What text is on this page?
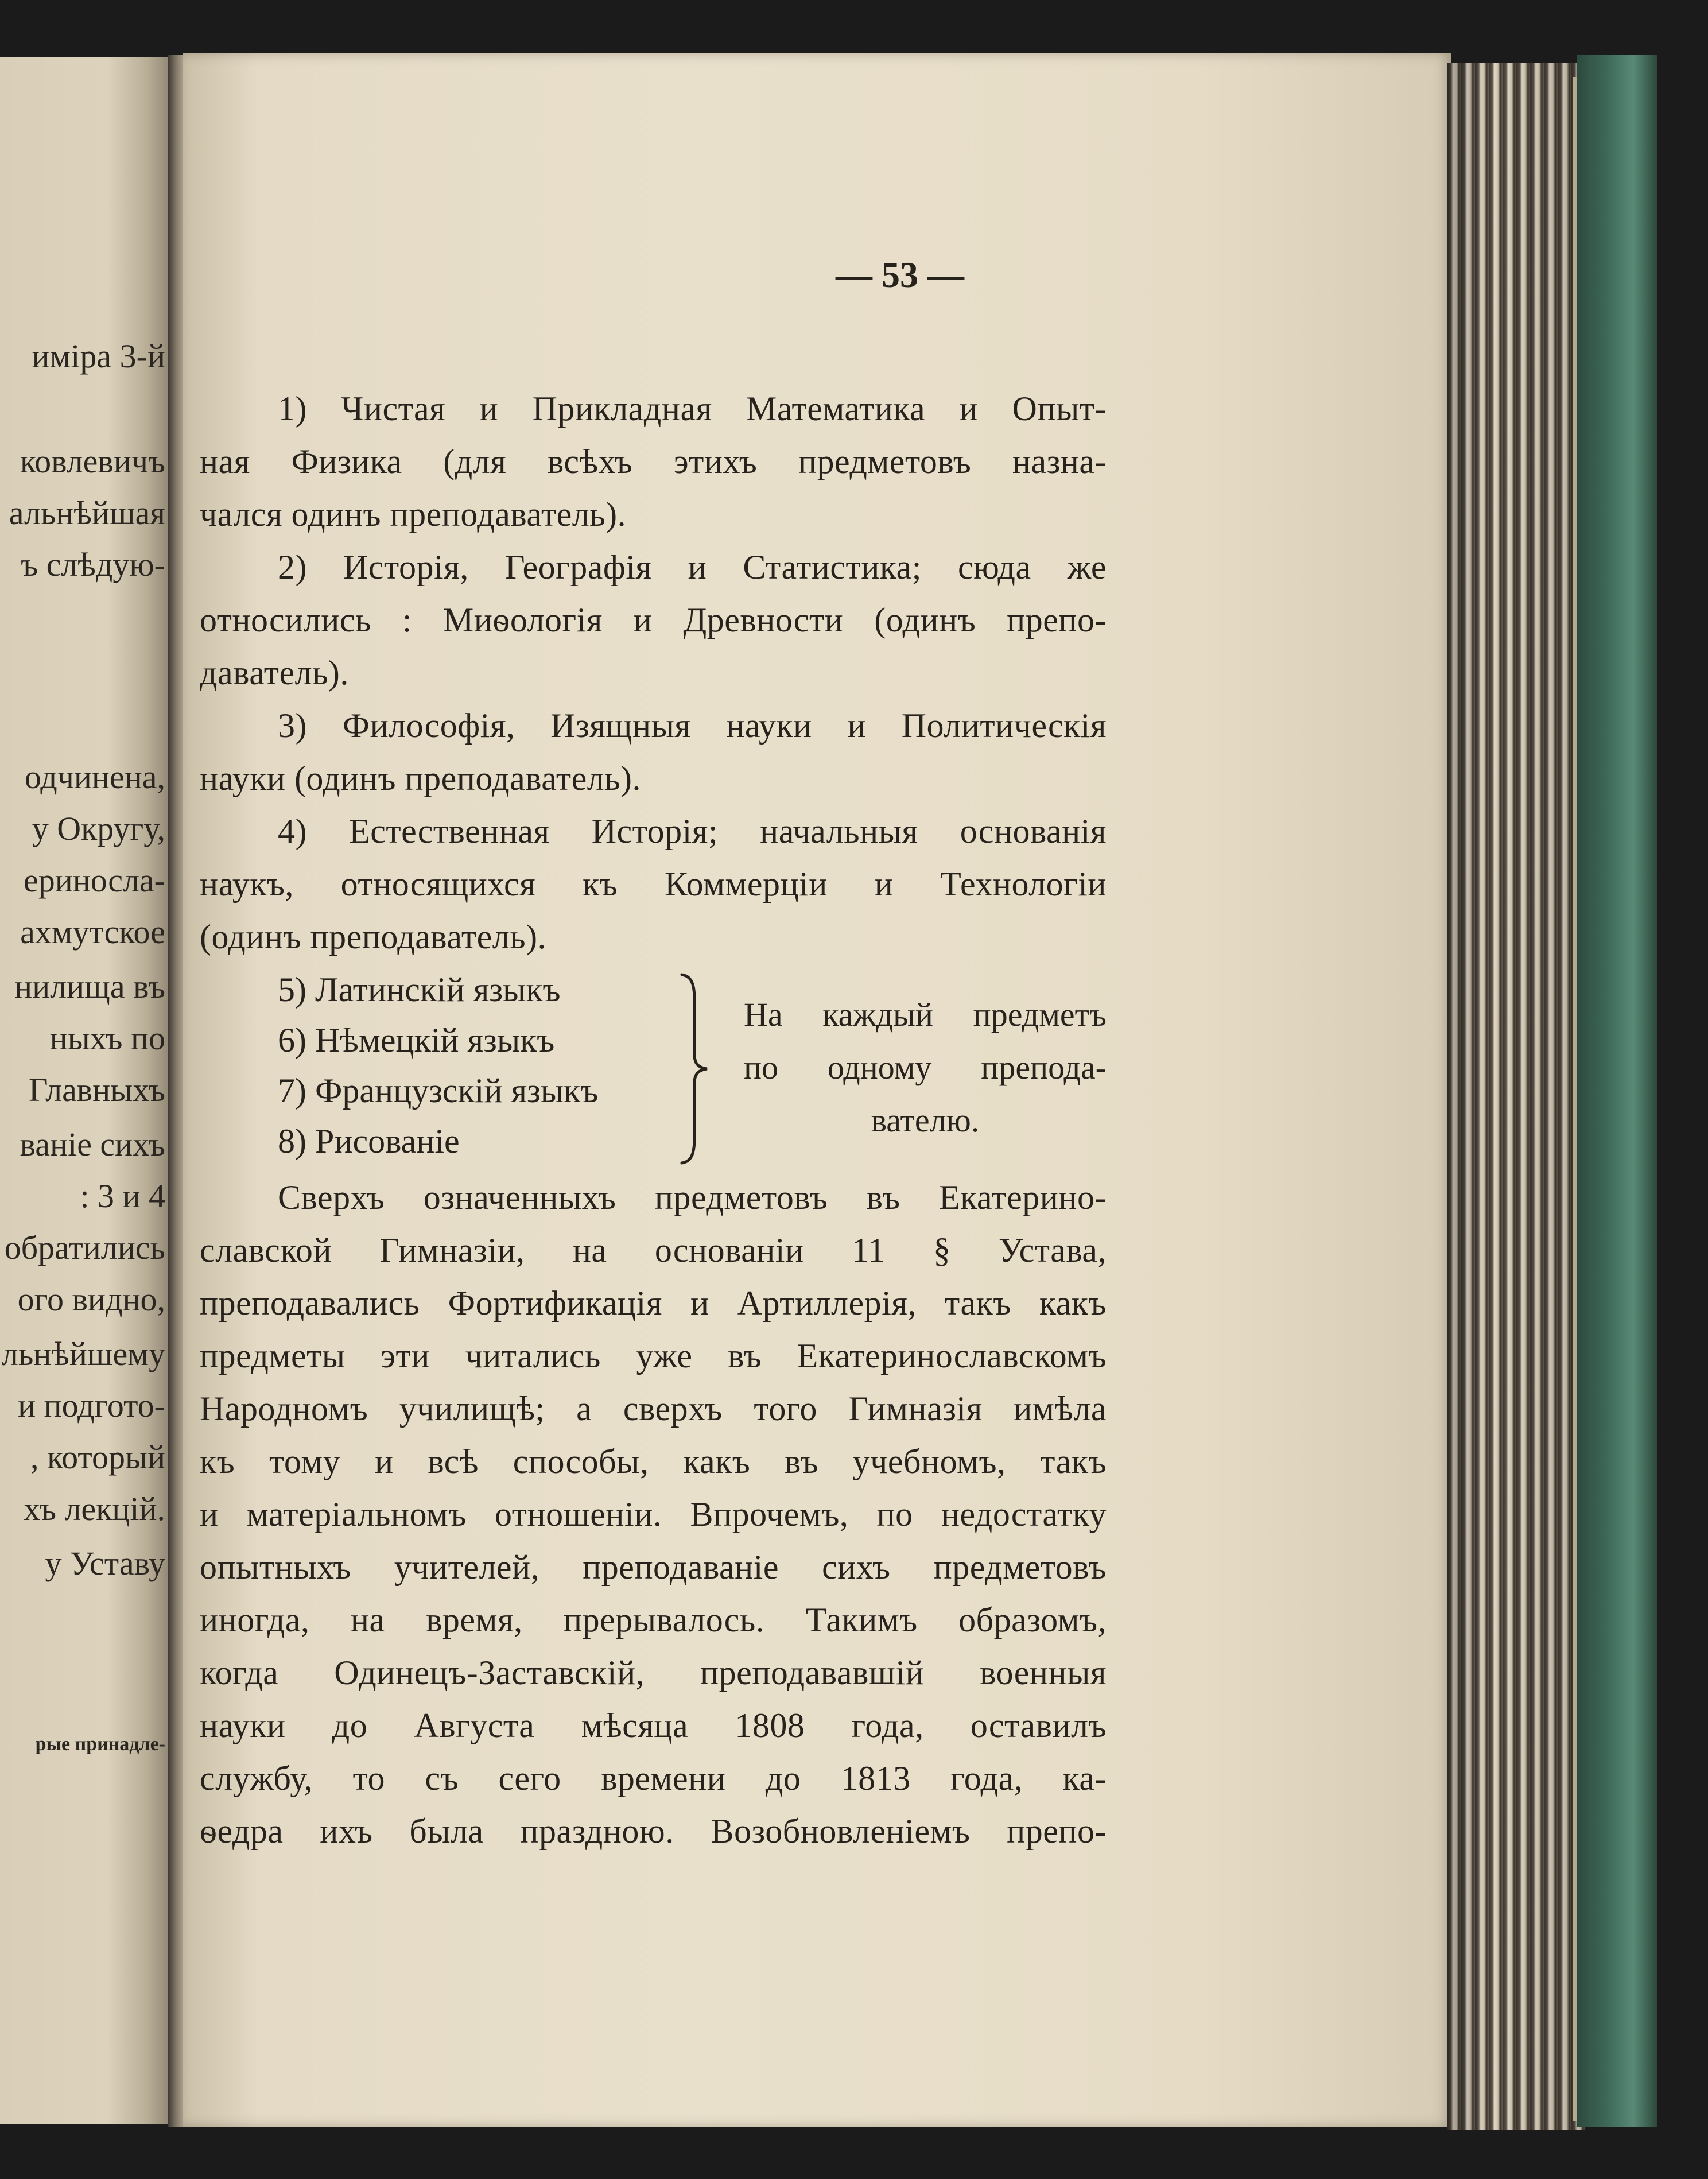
иміра 3-й
ковлевичъ
альнѣйшая
ъ слѣдую-
одчинена,
у Округу,
ериносла-
ахмутское
нилища въ
ныхъ по
Главныхъ
ваніе сихъ
: 3 и 4
обратились
ого видно,
льнѣйшему
и подгото-
, который
хъ лекцій.
у Уставу
рые принадле-
— 53 —
1) Чистая и Прикладная Математика и Опыт-
ная Физика (для всѣхъ этихъ предметовъ назна-
чался одинъ преподаватель).
2) Исторія, Географія и Статистика; сюда же
относились : Миѳологія и Древности (одинъ препо-
даватель).
3) Философія, Изящныя науки и Политическія
науки (одинъ преподаватель).
4) Естественная Исторія; начальныя основанія
наукъ, относящихся къ Коммерціи и Технологіи
(одинъ преподаватель).
5) Латинскій языкъ
6) Нѣмецкій языкъ
7) Французскій языкъ
8) Рисованіе
На каждый предметъ
по одному препода-
вателю.
Сверхъ означенныхъ предметовъ въ Екатерино-
славской Гимназіи, на основаніи 11 § Устава,
преподавались Фортификація и Артиллерія, такъ какъ
предметы эти читались уже въ Екатеринославскомъ
Народномъ училищѣ; а сверхъ того Гимназія имѣла
къ тому и всѣ способы, какъ въ учебномъ, такъ
и матеріальномъ отношеніи. Впрочемъ, по недостатку
опытныхъ учителей, преподаваніе сихъ предметовъ
иногда, на время, прерывалось. Такимъ образомъ,
когда Одинецъ-Заставскій, преподававшій военныя
науки до Августа мѣсяца 1808 года, оставилъ
службу, то съ сего времени до 1813 года, ка-
ѳедра ихъ была праздною. Возобновленіемъ препо-
